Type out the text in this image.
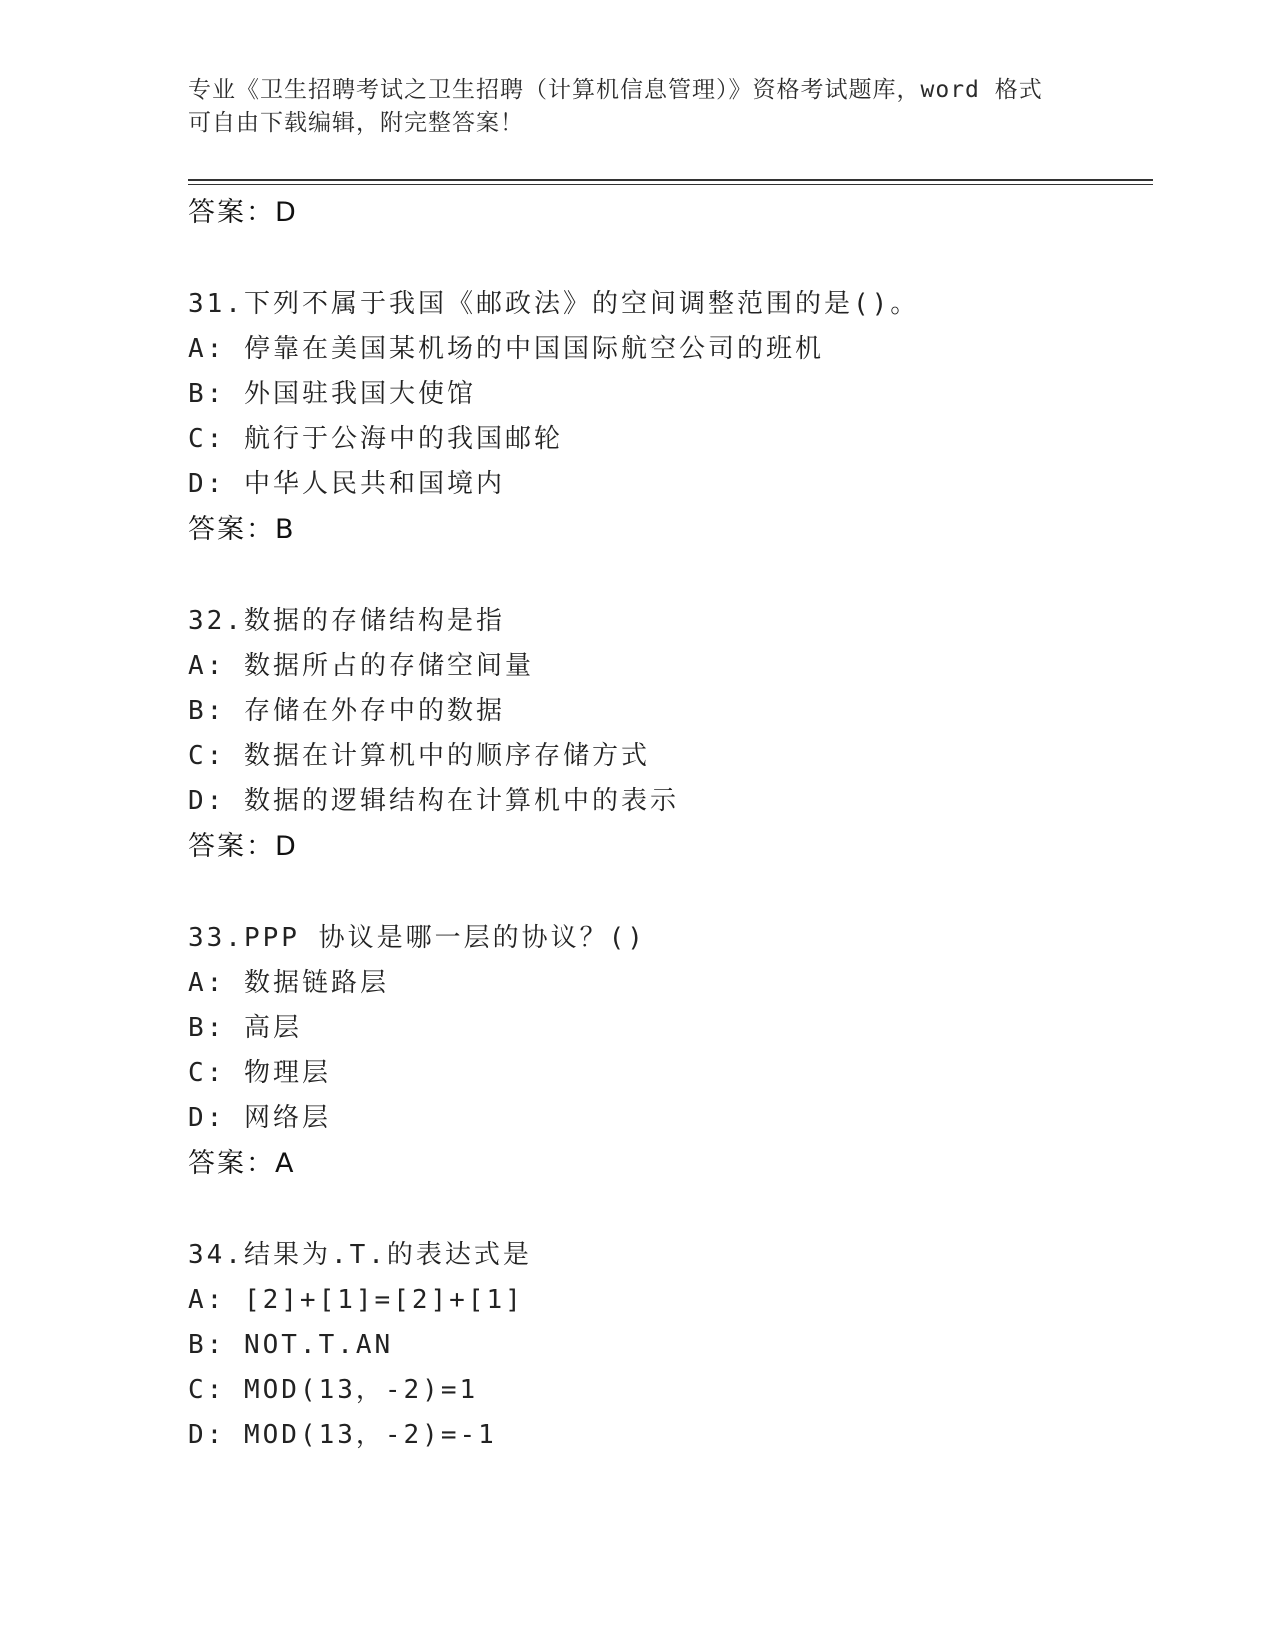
专业《卫生招聘考试之卫生招聘（计算机信息管理）》资格考试题库，word 格式
可自由下载编辑，附完整答案！
答案：D
31.下列不属于我国《邮政法》的空间调整范围的是()。
A: 停靠在美国某机场的中国国际航空公司的班机
B: 外国驻我国大使馆
C: 航行于公海中的我国邮轮
D: 中华人民共和国境内
答案：B
32.数据的存储结构是指
A: 数据所占的存储空间量
B: 存储在外存中的数据
C: 数据在计算机中的顺序存储方式
D: 数据的逻辑结构在计算机中的表示
答案：D
33.PPP 协议是哪一层的协议？()
A: 数据链路层
B: 高层
C: 物理层
D: 网络层
答案：A
34.结果为.T.的表达式是
A: [2]+[1]=[2]+[1]
B: NOT.T.AN
C: MOD(13，-2)=1
D: MOD(13，-2)=-1
